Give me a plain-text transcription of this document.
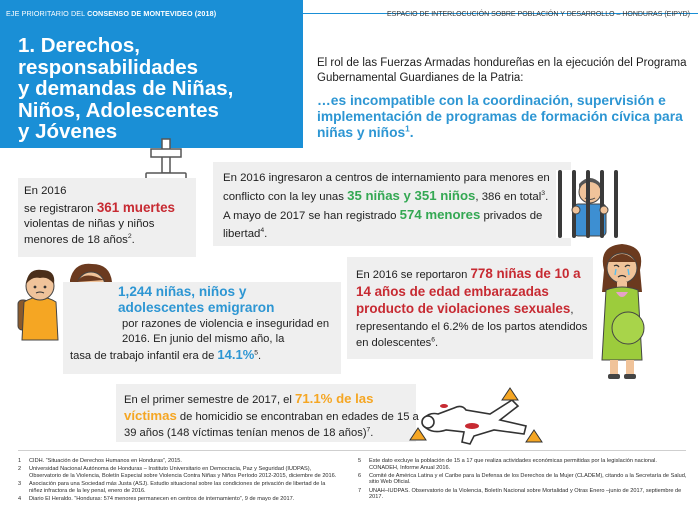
EJE PRIORITARIO DEL CONSENSO DE MONTEVIDEO (2018)	ESPACIO DE INTERLOCUCIÓN SOBRE POBLACIÓN Y DESARROLLO – HONDURAS (EIPYD)
1. Derechos,
responsabilidades
y demandas de Niñas,
Niños, Adolescentes
y Jóvenes
El rol de las Fuerzas Armadas hondureñas en la ejecución del Programa Gubernamental Guardianes de la Patria:
…es incompatible con la coordinación, supervisión e implementación de programas de formación cívica para niñas y niños$^1$.
En 2016
se registraron 361 muertes
violentas de niñas y niños
menores de 18 años$^2$.
En 2016 ingresaron a centros de internamiento para menores en conflicto con la ley unas 35 niñas y 351 niños, 386 en total$^3$. A mayo de 2017 se han registrado 574 menores privados de libertad$^4$.
En 2016 se reportaron 778 niñas de 10 a 14 años de edad embarazadas producto de violaciones sexuales, representando el 6.2% de los partos atendidos en dolescentes$^6$.
1,244 niñas, niños y adolescentes emigraron
por razones de violencia e inseguridad en 2016. En junio del mismo año, la
tasa de trabajo infantil era de 14.1%$^5$.
En el primer semestre de 2017, el 71.1% de las víctimas de homicidio se encontraban en edades de 15 a 39 años (148 víctimas tenían menos de 18 años)$^7$.
1	CIDH. “Situación de Derechos Humanos en Honduras”, 2015.
2	Universidad Nacional Autónoma de Honduras – Instituto Universitario en Democracia, Paz y Seguridad (IUDPAS), Observatorio de la Violencia, Boletín Especial sobre Violencia Contra Niñas y Niños Período 2012-2015, diciembre de 2016.
3	Asociación para una Sociedad más Justa (ASJ). Estudio situacional sobre las condiciones de privación de libertad de la niñez infractora de la ley penal, enero de 2016.
4	Diario El Heraldo. “Honduras: 574 menores permanecen en centros de internamiento”, 9 de mayo de 2017.
5	Este dato excluye la población de 15 a 17 que realiza actividades económicas permitidas por la legislación nacional. CONADEH, Informe Anual 2016.
6	Comité de América Latina y el Caribe para la Defensa de los Derechos de la Mujer (CLADEM), citando a la Secretaría de Salud, sitio Web Oficial.
7	UNAH–IUDPAS. Observatorio de la Violencia, Boletín Nacional sobre Mortalidad y Otras Enero –junio de 2017, septiembre de 2017.
